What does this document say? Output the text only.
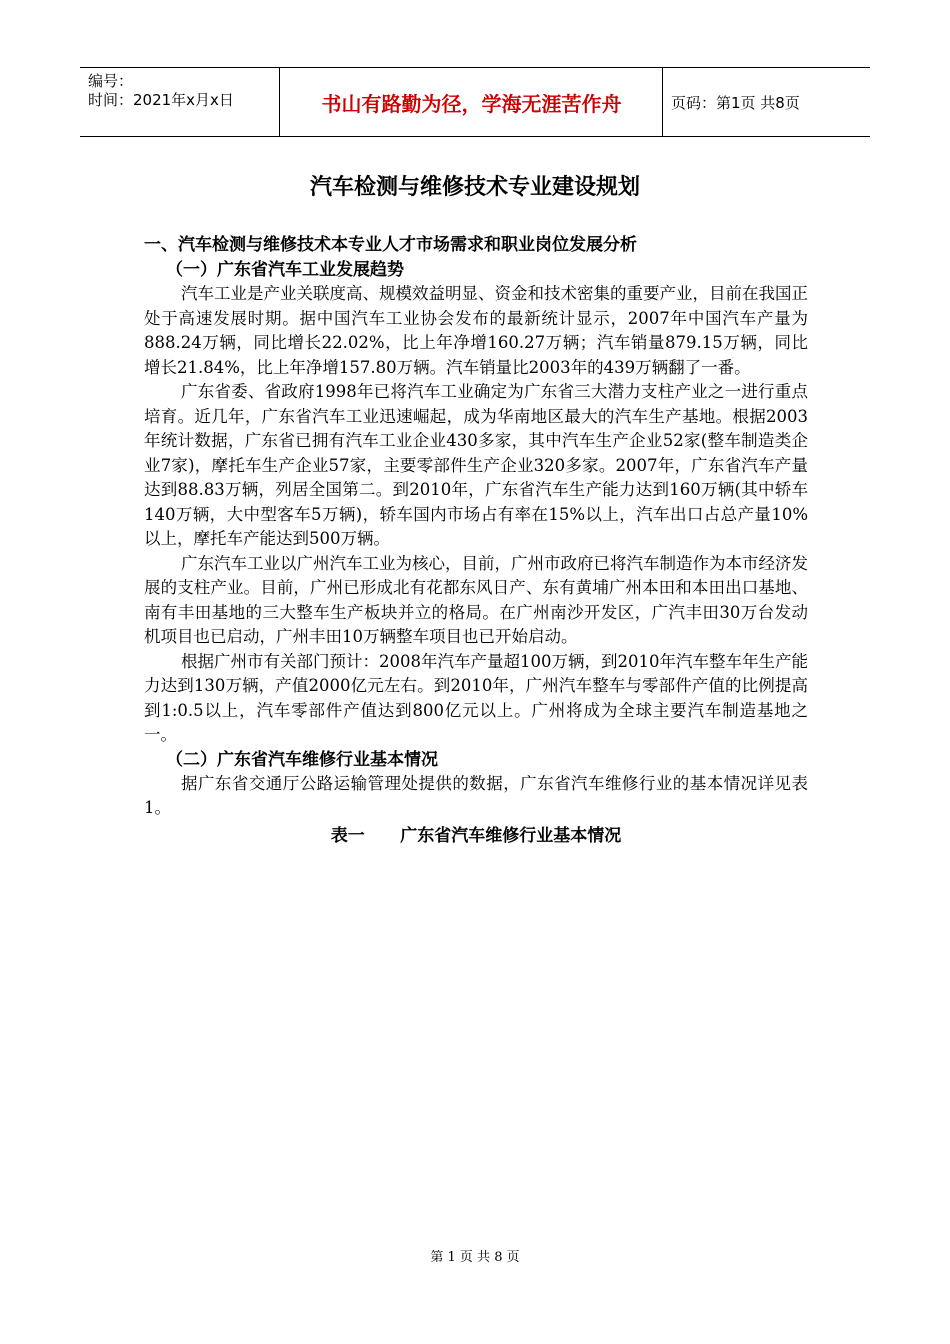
编号：
时间：2021年x月x日	书山有路勤为径，学海无涯苦作舟	页码：第1页 共8页
汽车检测与维修技术专业建设规划
一、汽车检测与维修技术本专业人才市场需求和职业岗位发展分析
（一）广东省汽车工业发展趋势

汽车工业是产业关联度高、规模效益明显、资金和技术密集的重要产业，目前在我国正处于高速发展时期。据中国汽车工业协会发布的最新统计显示，2007年中国汽车产量为888.24万辆，同比增长22.02%，比上年净增160.27万辆；汽车销量879.15万辆，同比增长21.84%，比上年净增157.80万辆。汽车销量比2003年的439万辆翻了一番。

广东省委、省政府1998年已将汽车工业确定为广东省三大潜力支柱产业之一进行重点培育。近几年，广东省汽车工业迅速崛起，成为华南地区最大的汽车生产基地。根据2003年统计数据，广东省已拥有汽车工业企业430多家，其中汽车生产企业52家(整车制造类企业7家)，摩托车生产企业57家，主要零部件生产企业320多家。2007年，广东省汽车产量达到88.83万辆，列居全国第二。到2010年，广东省汽车生产能力达到160万辆(其中轿车140万辆，大中型客车5万辆)，轿车国内市场占有率在15%以上，汽车出口占总产量10%以上，摩托车产能达到500万辆。

广东汽车工业以广州汽车工业为核心，目前，广州市政府已将汽车制造作为本市经济发展的支柱产业。目前，广州已形成北有花都东风日产、东有黄埔广州本田和本田出口基地、南有丰田基地的三大整车生产板块并立的格局。在广州南沙开发区，广汽丰田30万台发动机项目也已启动，广州丰田10万辆整车项目也已开始启动。

根据广州市有关部门预计：2008年汽车产量超100万辆，到2010年汽车整车年生产能力达到130万辆，产值2000亿元左右。到2010年，广州汽车整车与零部件产值的比例提高到1:0.5以上，汽车零部件产值达到800亿元以上。广州将成为全球主要汽车制造基地之一。

（二）广东省汽车维修行业基本情况

据广东省交通厅公路运输管理处提供的数据，广东省汽车维修行业的基本情况详见表1。

表一      广东省汽车维修行业基本情况
第 1 页 共 8 页
